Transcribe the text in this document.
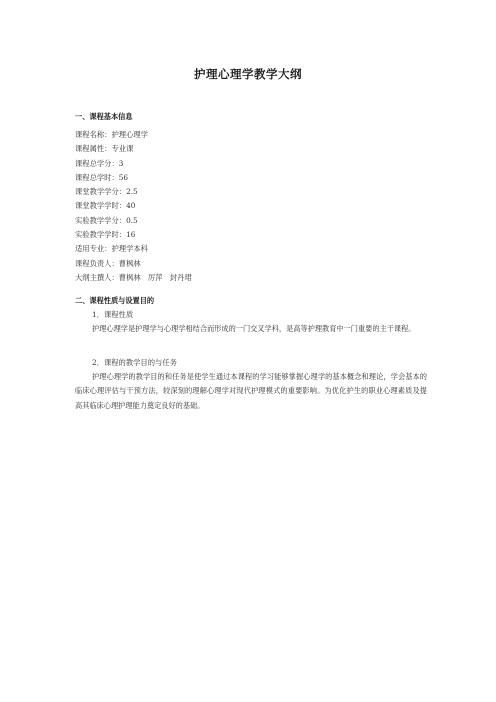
护理心理学教学大纲
一、课程基本信息
课程名称：护理心理学
课程属性：专业课
课程总学分：3
课程总学时：56
课堂教学学分：2.5
课堂教学学时：40
实验教学学分：0.5
实验教学学时：16
适用专业：护理学本科
课程负责人：曹枫林
大纲主撰人：曹枫林　厉萍　封丹珺
二、课程性质与设置目的
1．课程性质

护理心理学是护理学与心理学相结合而形成的一门交叉学科，是高等护理教育中一门重要的主干课程。

2．课程的教学目的与任务

护理心理学的教学目的和任务是使学生通过本课程的学习能够掌握心理学的基本概念和理论，学会基本的临床心理评估与干预方法，较深刻的理解心理学对现代护理模式的重要影响。为优化护生的职业心理素质及提高其临床心理护理能力奠定良好的基础。
